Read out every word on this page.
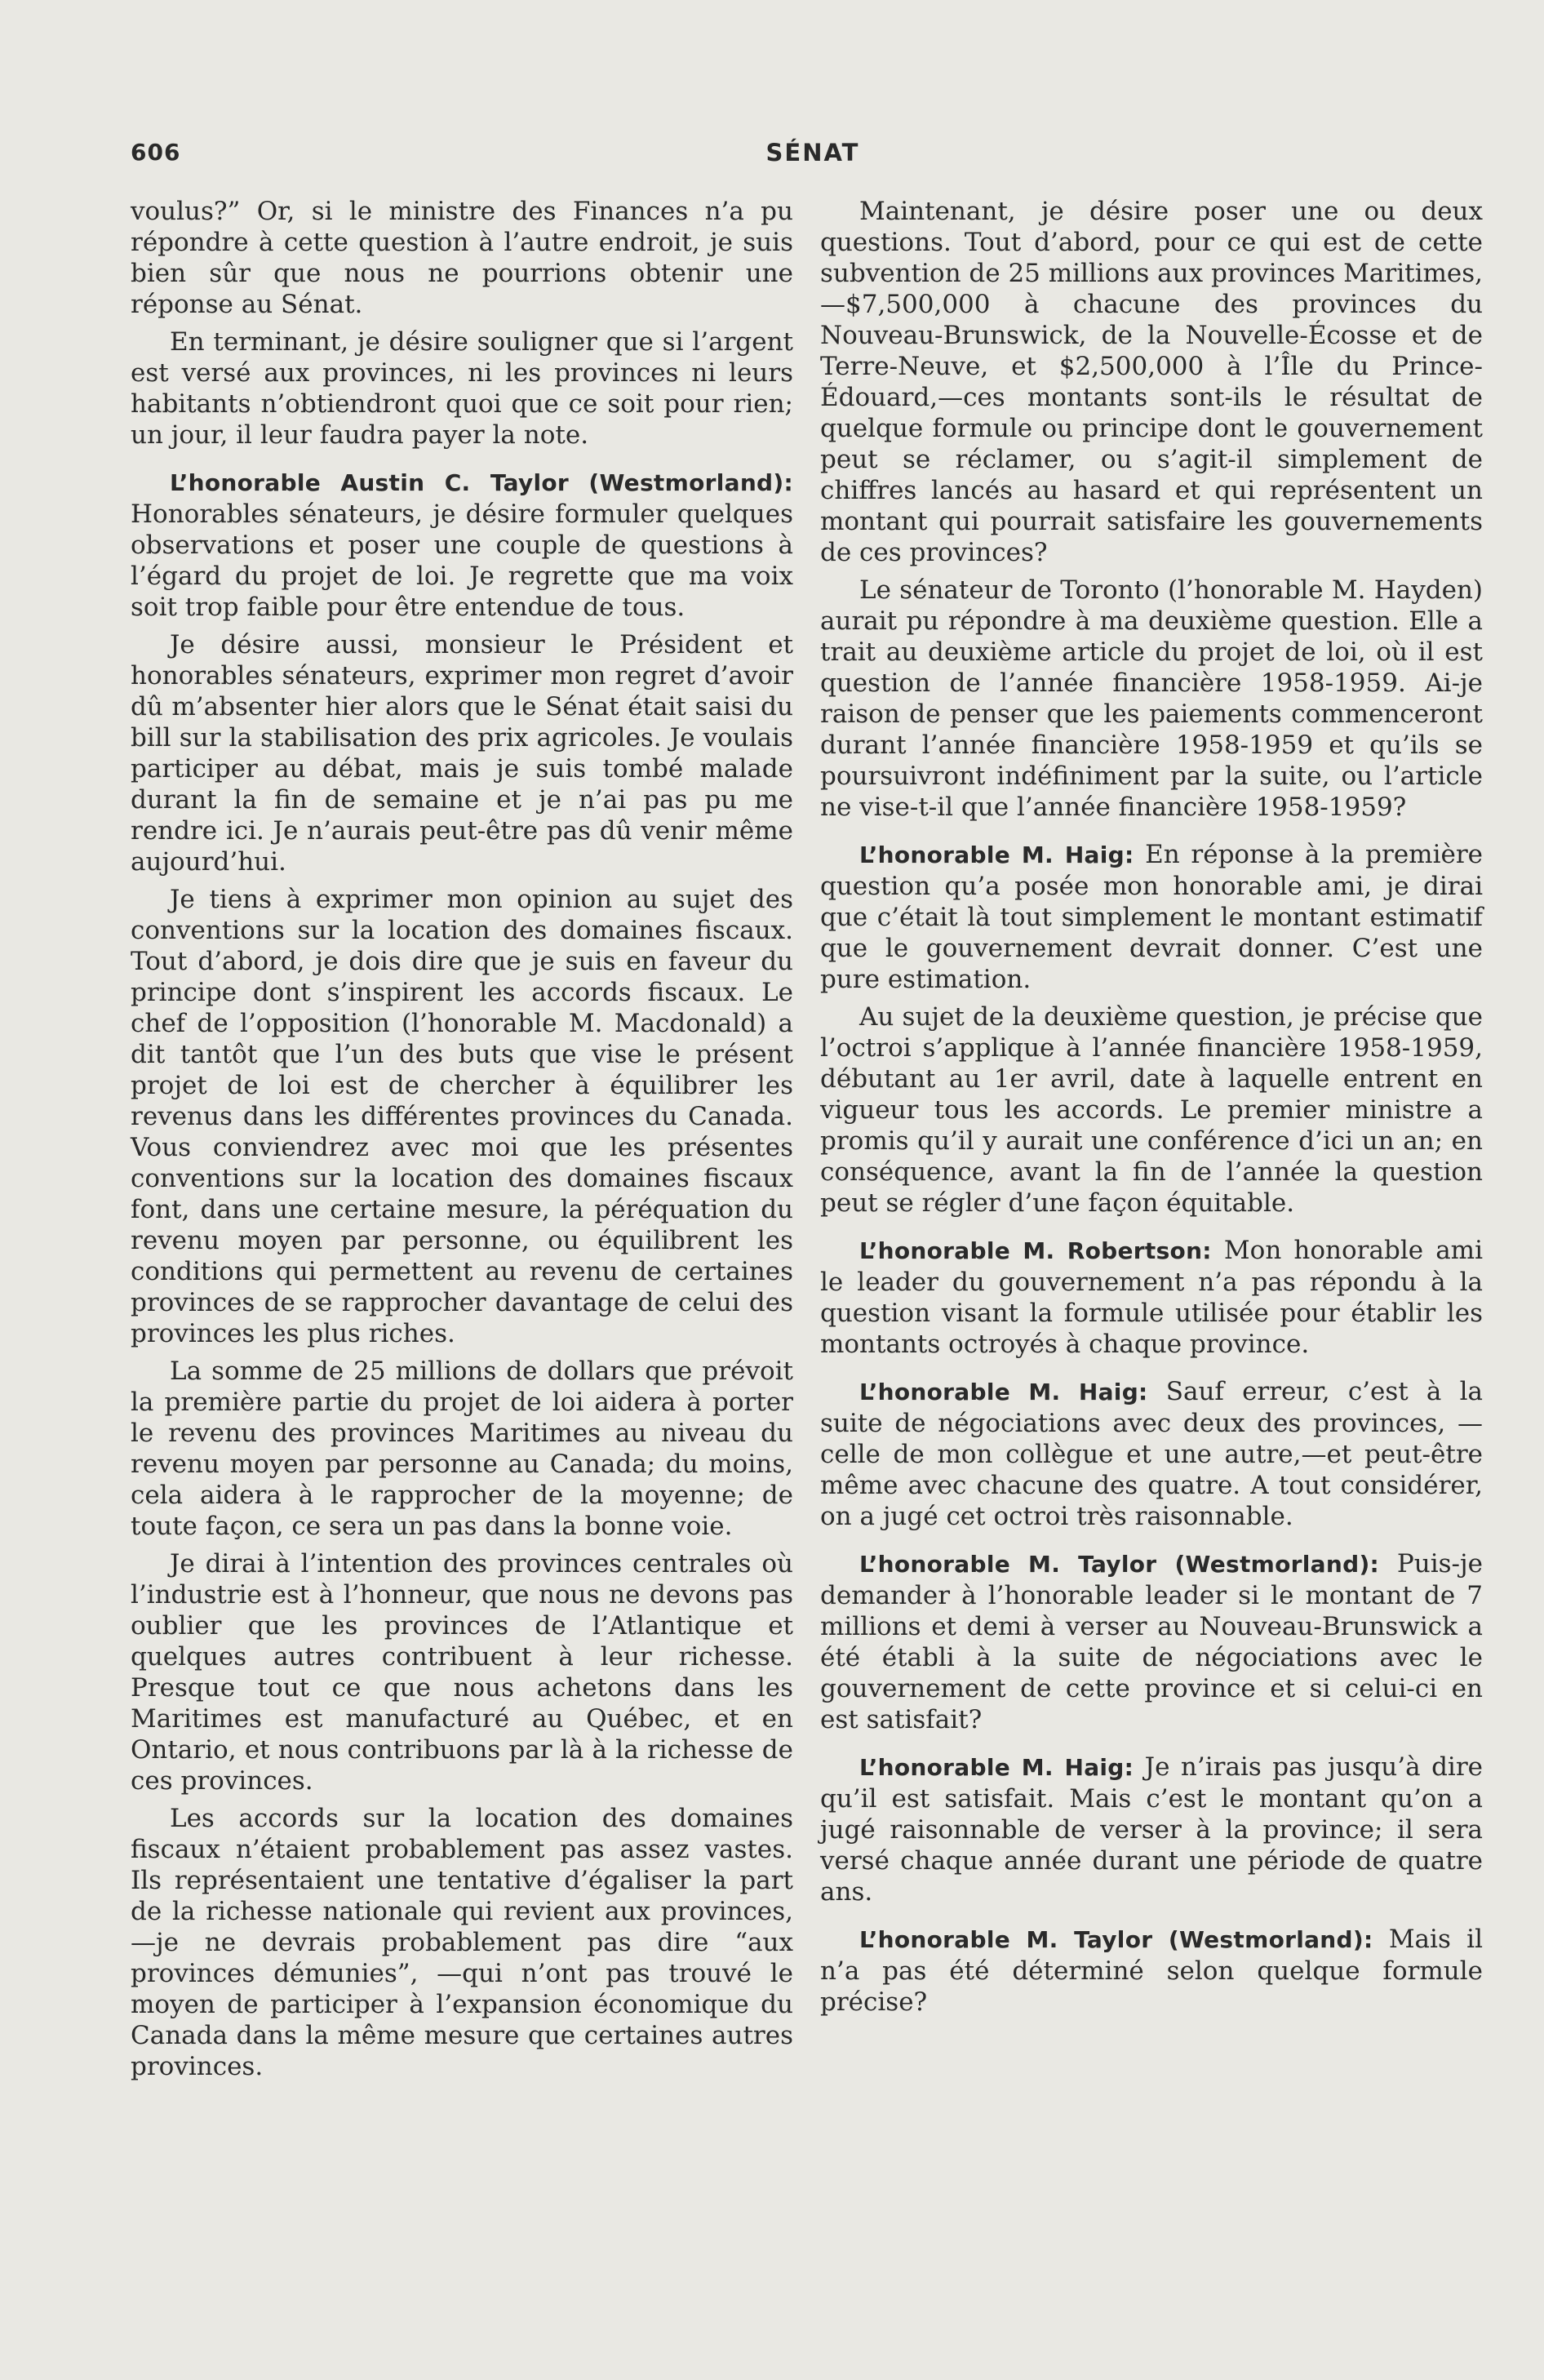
606	SÉNAT

voulus?” Or, si le ministre des Finances n’a pu répondre à cette question à l’autre endroit, je suis bien sûr que nous ne pourrions obtenir une réponse au Sénat.

En terminant, je désire souligner que si l’argent est versé aux provinces, ni les provinces ni leurs habitants n’obtiendront quoi que ce soit pour rien; un jour, il leur faudra payer la note.

L’honorable Austin C. Taylor (Westmorland): Honorables sénateurs, je désire formuler quelques observations et poser une couple de questions à l’égard du projet de loi. Je regrette que ma voix soit trop faible pour être entendue de tous.

Je désire aussi, monsieur le Président et honorables sénateurs, exprimer mon regret d’avoir dû m’absenter hier alors que le Sénat était saisi du bill sur la stabilisation des prix agricoles. Je voulais participer au débat, mais je suis tombé malade durant la fin de semaine et je n’ai pas pu me rendre ici. Je n’aurais peut-être pas dû venir même aujourd’hui.

Je tiens à exprimer mon opinion au sujet des conventions sur la location des domaines fiscaux. Tout d’abord, je dois dire que je suis en faveur du principe dont s’inspirent les accords fiscaux. Le chef de l’opposition (l’honorable M. Macdonald) a dit tantôt que l’un des buts que vise le présent projet de loi est de chercher à équilibrer les revenus dans les différentes provinces du Canada. Vous conviendrez avec moi que les présentes conventions sur la location des domaines fiscaux font, dans une certaine mesure, la péréquation du revenu moyen par personne, ou équilibrent les conditions qui permettent au revenu de certaines provinces de se rapprocher davantage de celui des provinces les plus riches.

La somme de 25 millions de dollars que prévoit la première partie du projet de loi aidera à porter le revenu des provinces Maritimes au niveau du revenu moyen par personne au Canada; du moins, cela aidera à le rapprocher de la moyenne; de toute façon, ce sera un pas dans la bonne voie.

Je dirai à l’intention des provinces centrales où l’industrie est à l’honneur, que nous ne devons pas oublier que les provinces de l’Atlantique et quelques autres contribuent à leur richesse. Presque tout ce que nous achetons dans les Maritimes est manufacturé au Québec, et en Ontario, et nous contribuons par là à la richesse de ces provinces.

Les accords sur la location des domaines fiscaux n’étaient probablement pas assez vastes. Ils représentaient une tentative d’égaliser la part de la richesse nationale qui revient aux provinces,—je ne devrais probablement pas dire “aux provinces démunies”, —qui n’ont pas trouvé le moyen de participer à l’expansion économique du Canada dans la même mesure que certaines autres provinces.

Maintenant, je désire poser une ou deux questions. Tout d’abord, pour ce qui est de cette subvention de 25 millions aux provinces Maritimes,—$7,500,000 à chacune des provinces du Nouveau-Brunswick, de la Nouvelle-Écosse et de Terre-Neuve, et $2,500,000 à l’Île du Prince-Édouard,—ces montants sont-ils le résultat de quelque formule ou principe dont le gouvernement peut se réclamer, ou s’agit-il simplement de chiffres lancés au hasard et qui représentent un montant qui pourrait satisfaire les gouvernements de ces provinces?

Le sénateur de Toronto (l’honorable M. Hayden) aurait pu répondre à ma deuxième question. Elle a trait au deuxième article du projet de loi, où il est question de l’année financière 1958-1959. Ai-je raison de penser que les paiements commenceront durant l’année financière 1958-1959 et qu’ils se poursuivront indéfiniment par la suite, ou l’article ne vise-t-il que l’année financière 1958-1959?

L’honorable M. Haig: En réponse à la première question qu’a posée mon honorable ami, je dirai que c’était là tout simplement le montant estimatif que le gouvernement devrait donner. C’est une pure estimation.

Au sujet de la deuxième question, je précise que l’octroi s’applique à l’année financière 1958-1959, débutant au 1er avril, date à laquelle entrent en vigueur tous les accords. Le premier ministre a promis qu’il y aurait une conférence d’ici un an; en conséquence, avant la fin de l’année la question peut se régler d’une façon équitable.

L’honorable M. Robertson: Mon honorable ami le leader du gouvernement n’a pas répondu à la question visant la formule utilisée pour établir les montants octroyés à chaque province.

L’honorable M. Haig: Sauf erreur, c’est à la suite de négociations avec deux des provinces, —celle de mon collègue et une autre,—et peut-être même avec chacune des quatre. A tout considérer, on a jugé cet octroi très raisonnable.

L’honorable M. Taylor (Westmorland): Puis-je demander à l’honorable leader si le montant de 7 millions et demi à verser au Nouveau-Brunswick a été établi à la suite de négociations avec le gouvernement de cette province et si celui-ci en est satisfait?

L’honorable M. Haig: Je n’irais pas jusqu’à dire qu’il est satisfait. Mais c’est le montant qu’on a jugé raisonnable de verser à la province; il sera versé chaque année durant une période de quatre ans.

L’honorable M. Taylor (Westmorland): Mais il n’a pas été déterminé selon quelque formule précise?
